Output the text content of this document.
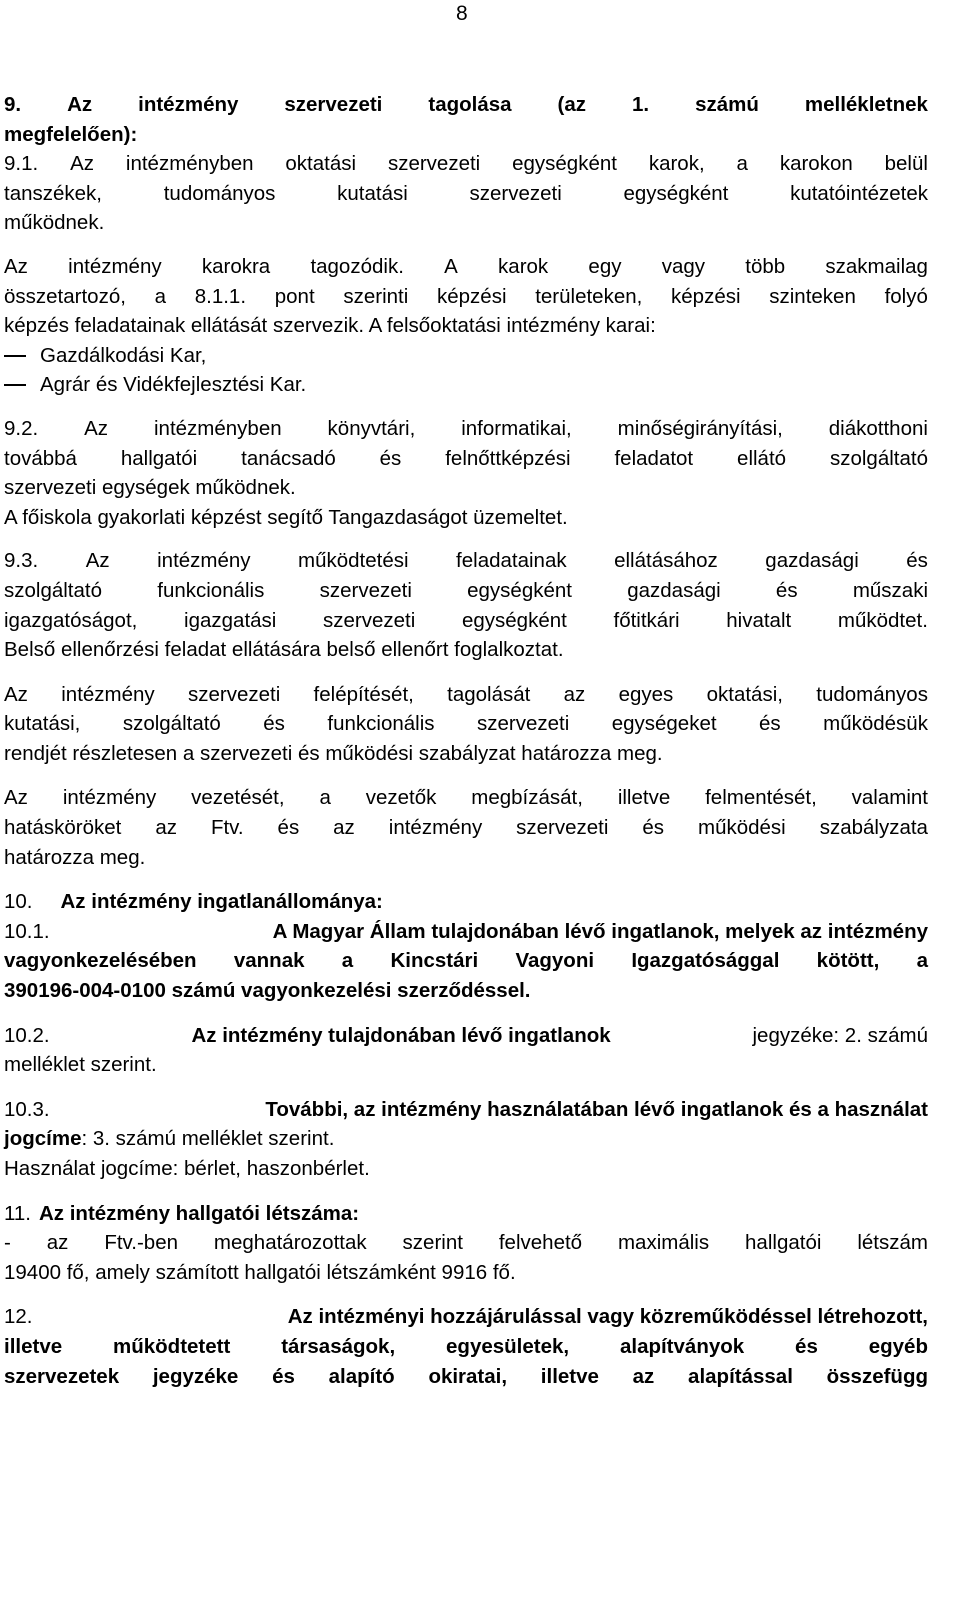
8
9. Az intézmény szervezeti tagolása (az 1. számú mellékletnek
megfelelően):
9.1. Az intézményben oktatási szervezeti egységként karok, a karokon belül
tanszékek,	tudományos	kutatási	szervezeti	egységként	kutatóintézetek
működnek.
Az intézmény karokra tagozódik. A karok egy vagy több szakmailag
összetartozó, a 8.1.1. pont szerinti képzési területeken, képzési szinteken folyó
képzés feladatainak ellátását szervezik. A felsőoktatási intézmény karai:
Gazdálkodási Kar,
Agrár és Vidékfejlesztési Kar.
9.2. Az intézményben könyvtári, informatikai, minőségirányítási, diákotthoni
továbbá hallgatói tanácsadó és felnőttképzési feladatot ellátó szolgáltató
szervezeti egységek működnek.
A főiskola gyakorlati képzést segítő Tangazdaságot üzemeltet.
9.3. Az intézmény működtetési feladatainak ellátásához gazdasági és
szolgáltató	funkcionális	szervezeti	egységként	gazdasági	és	műszaki
igazgatóságot, igazgatási szervezeti egységként főtitkári hivatalt működtet.
Belső ellenőrzési feladat ellátására belső ellenőrt foglalkoztat.
Az intézmény szervezeti felépítését, tagolását az egyes oktatási, tudományos
kutatási, szolgáltató és funkcionális szervezeti egységeket és működésük
rendjét részletesen a szervezeti és működési szabályzat határozza meg.
Az intézmény vezetését, a vezetők megbízását, illetve felmentését, valamint
hatásköröket az Ftv. és az intézmény szervezeti és működési szabályzata
határozza meg.
10. Az intézmény ingatlanállománya:
10.1.	A Magyar Állam tulajdonában lévő ingatlanok, melyek az intézmény
vagyonkezelésében vannak a Kincstári Vagyoni Igazgatósággal kötött, a
390196-004-0100 számú vagyonkezelési szerződéssel.
10.2.	Az intézmény tulajdonában lévő ingatlanok	jegyzéke: 2. számú
melléklet szerint.
10.3.	További, az intézmény használatában lévő ingatlanok és a használat
jogcíme : 3. számú melléklet szerint.
Használat jogcíme: bérlet, haszonbérlet.
11. Az intézmény hallgatói létszáma:
- az Ftv.-ben meghatározottak szerint felvehető maximális hallgatói létszám
19400 fő, amely számított hallgatói létszámként 9916 fő.
12.	Az intézményi hozzájárulással vagy közreműködéssel létrehozott,
illetve működtetett társaságok, egyesületek, alapítványok és egyéb
szervezetek jegyzéke és alapító okiratai, illetve az alapítással összefügg
